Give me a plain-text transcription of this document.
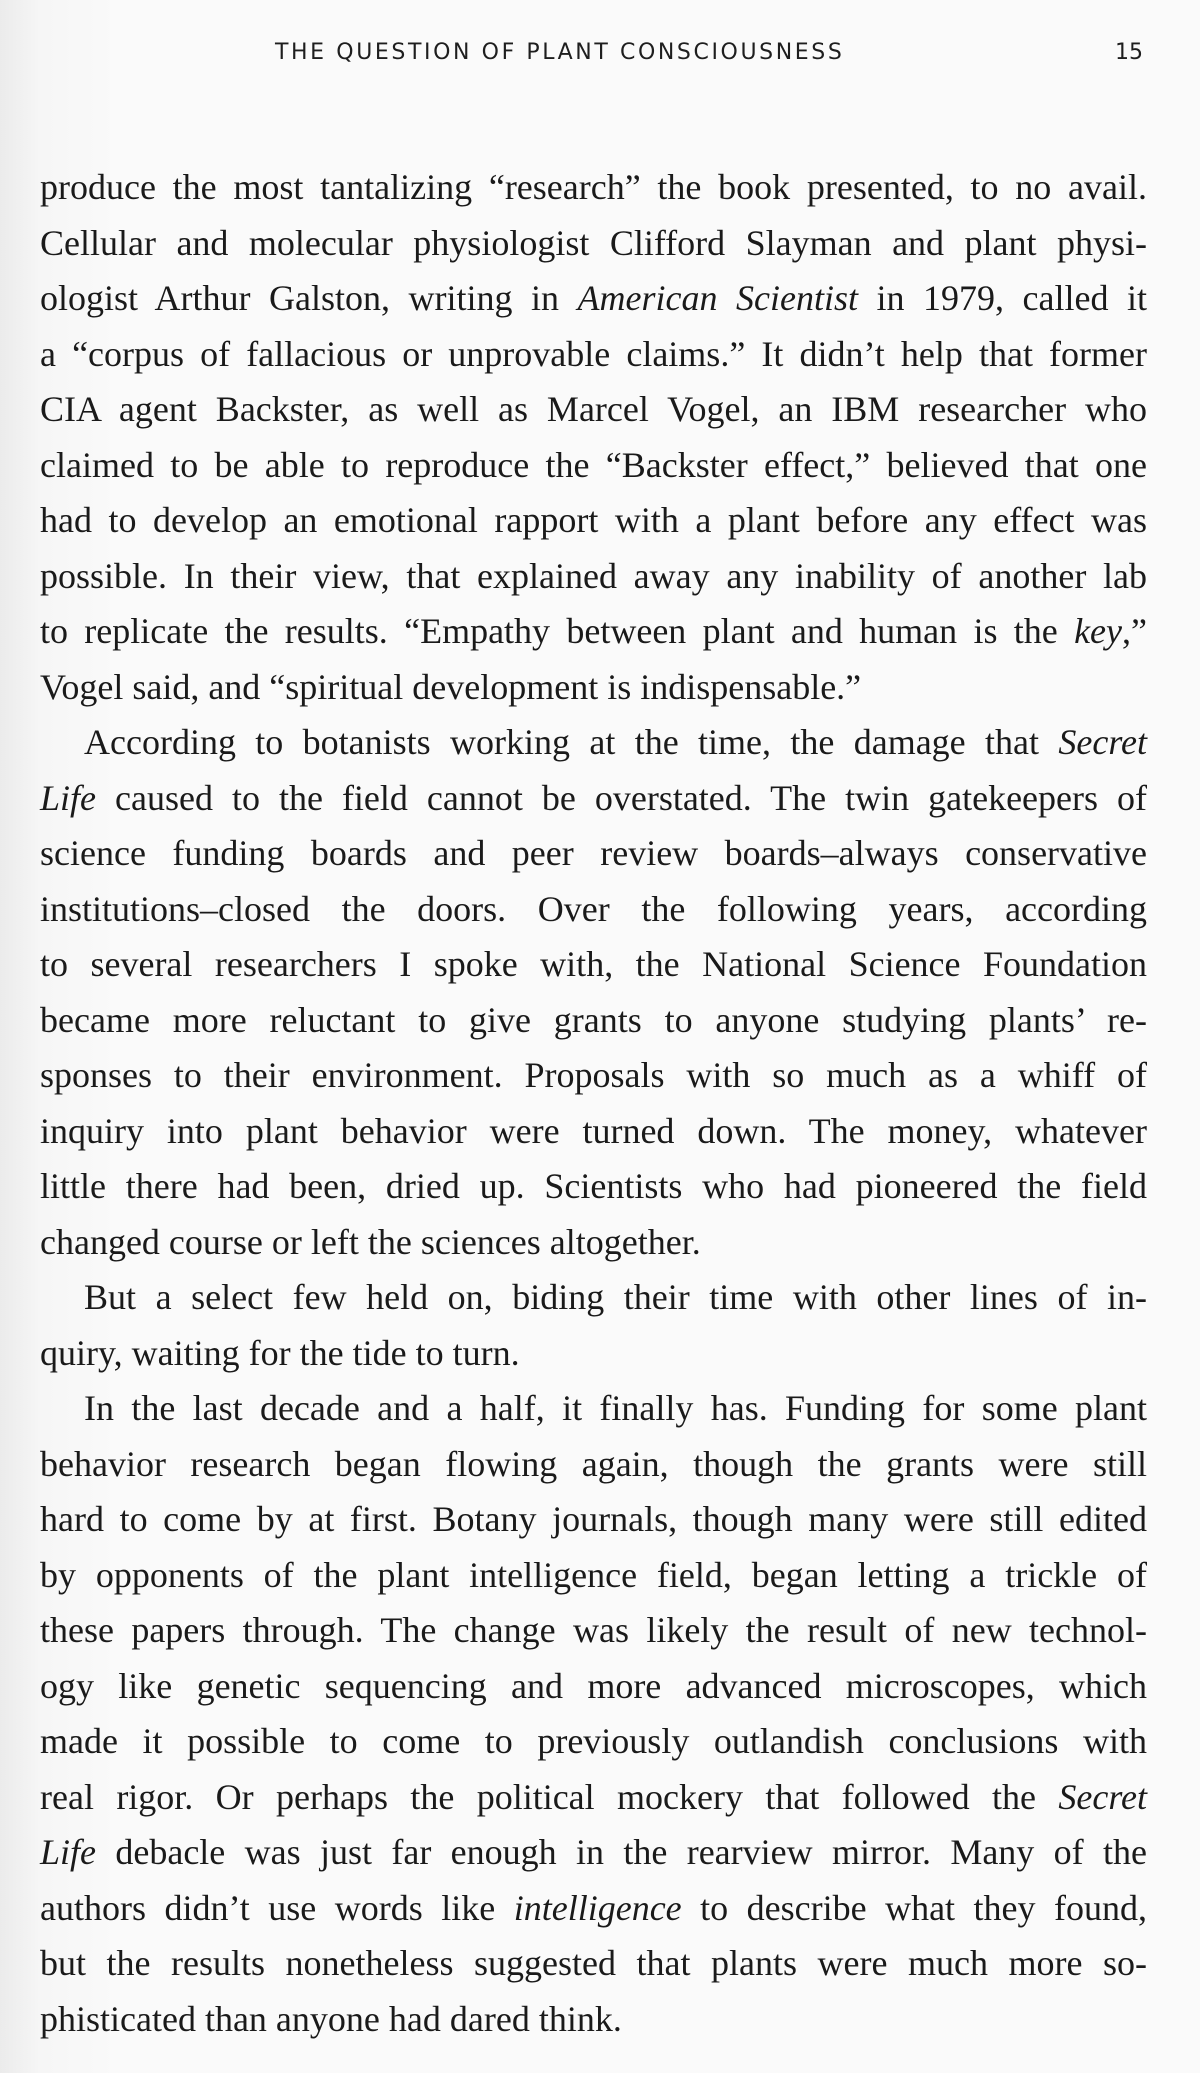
THE QUESTION OF PLANT CONSCIOUSNESS	15
produce the most tantalizing “research” the book presented, to no avail.
Cellular and molecular physiologist Clifford Slayman and plant physi-
ologist Arthur Galston, writing in American Scientist in 1979, called it
a “corpus of fallacious or unprovable claims.” It didn’t help that former
CIA agent Backster, as well as Marcel Vogel, an IBM researcher who
claimed to be able to reproduce the “Backster effect,” believed that one
had to develop an emotional rapport with a plant before any effect was
possible. In their view, that explained away any inability of another lab
to replicate the results. “Empathy between plant and human is the key,”
Vogel said, and “spiritual development is indispensable.”
According to botanists working at the time, the damage that Secret
Life caused to the field cannot be overstated. The twin gatekeepers of
science funding boards and peer review boards–always conservative
institutions–closed the doors. Over the following years, according
to several researchers I spoke with, the National Science Foundation
became more reluctant to give grants to anyone studying plants’ re-
sponses to their environment. Proposals with so much as a whiff of
inquiry into plant behavior were turned down. The money, whatever
little there had been, dried up. Scientists who had pioneered the field
changed course or left the sciences altogether.
But a select few held on, biding their time with other lines of in-
quiry, waiting for the tide to turn.
In the last decade and a half, it finally has. Funding for some plant
behavior research began flowing again, though the grants were still
hard to come by at first. Botany journals, though many were still edited
by opponents of the plant intelligence field, began letting a trickle of
these papers through. The change was likely the result of new technol-
ogy like genetic sequencing and more advanced microscopes, which
made it possible to come to previously outlandish conclusions with
real rigor. Or perhaps the political mockery that followed the Secret
Life debacle was just far enough in the rearview mirror. Many of the
authors didn’t use words like intelligence to describe what they found,
but the results nonetheless suggested that plants were much more so-
phisticated than anyone had dared think.
